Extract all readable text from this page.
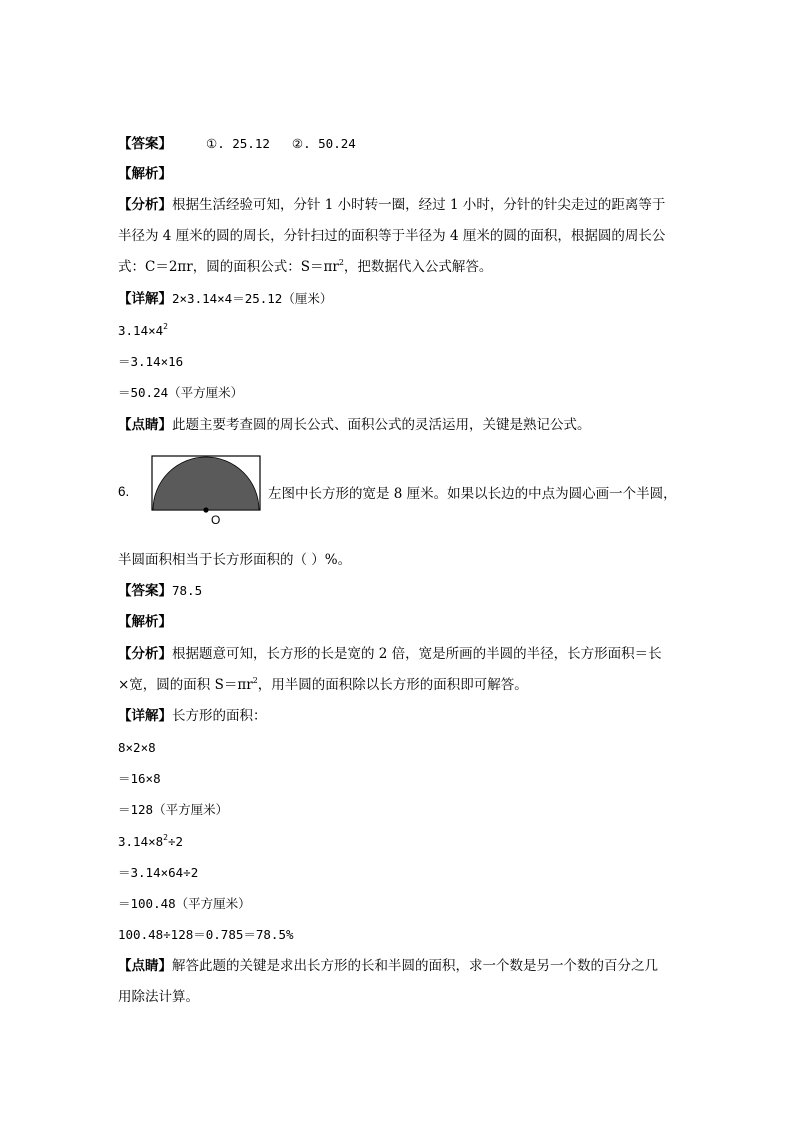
【答案】	①. 25.12 ②. 50.24
【解析】
【分析】根据生活经验可知，分针 1 小时转一圈，经过 1 小时，分针的针尖走过的距离等于
半径为 4 厘米的圆的周长，分针扫过的面积等于半径为 4 厘米的圆的面积，根据圆的周长公
式：C＝2πr，圆的面积公式：$S=\pi r^2$，把数据代入公式解答。
【详解】2×3.14×4＝25.12（厘米）
$3.14\times 4^2$
＝3.14×16
＝50.24（平方厘米）
【点睛】此题主要考查圆的周长公式、面积公式的灵活运用，关键是熟记公式。
6.
O
左图中长方形的宽是 8 厘米。如果以长边的中点为圆心画一个半圆，
半圆面积相当于长方形面积的（ ）%。
【答案】78.5
【解析】
【分析】根据题意可知，长方形的长是宽的 2 倍，宽是所画的半圆的半径，长方形面积＝长
×宽，圆的面积 $S=\pi r^2$，用半圆的面积除以长方形的面积即可解答。
【详解】长方形的面积：
8×2×8
＝16×8
＝128（平方厘米）
$3.14\times 8^2\div 2$
＝3.14×64÷2
＝100.48（平方厘米）
100.48÷128＝0.785＝78.5%
【点睛】解答此题的关键是求出长方形的长和半圆的面积，求一个数是另一个数的百分之几
用除法计算。
